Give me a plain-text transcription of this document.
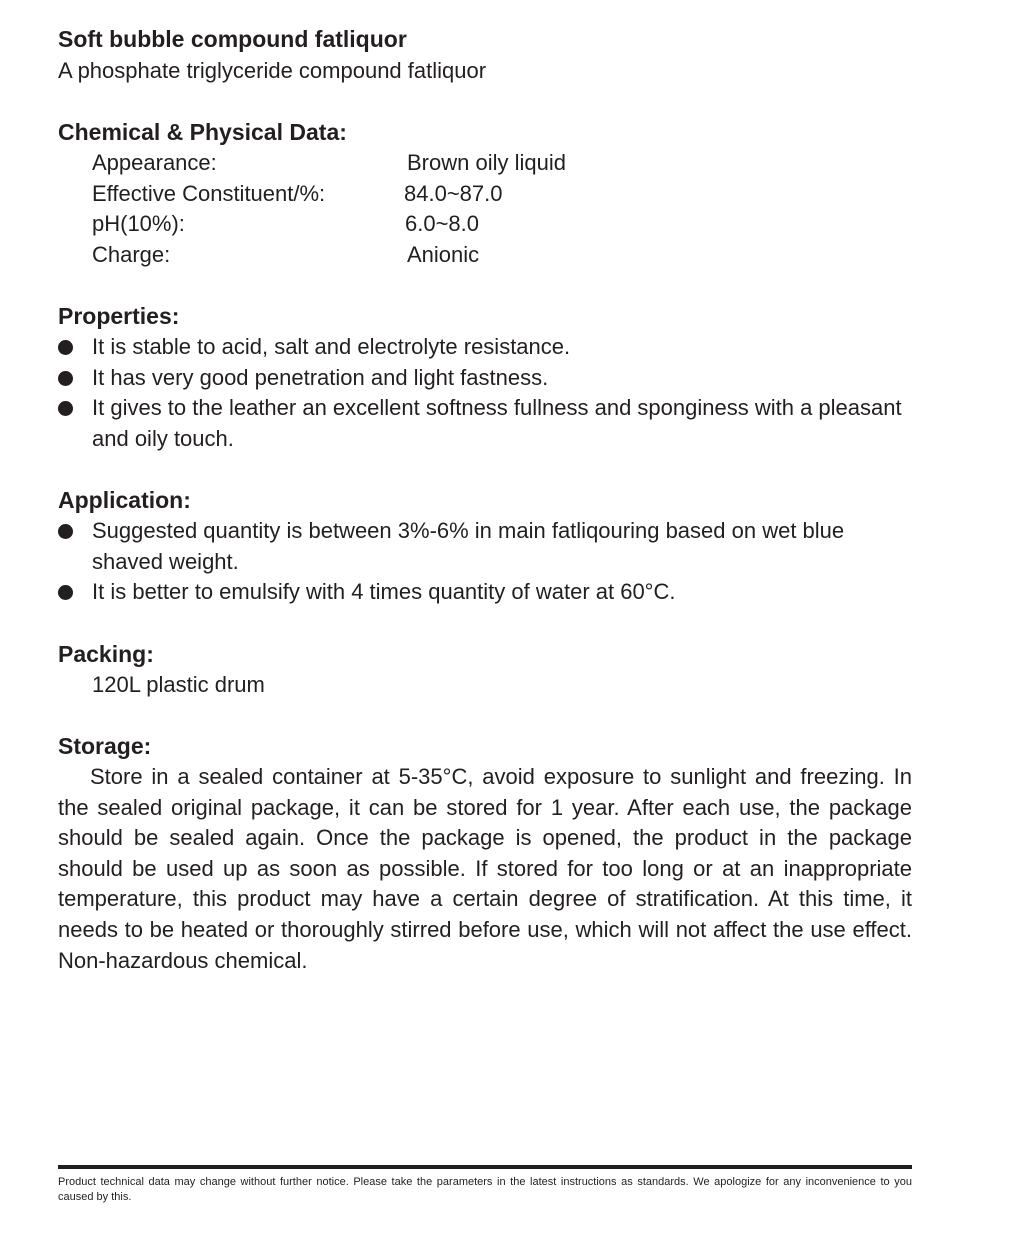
Soft bubble compound fatliquor

A phosphate triglyceride compound fatliquor

Chemical & Physical Data:
Appearance:	Brown oily liquid
Effective Constituent/%:	84.0~87.0
pH(10%):	6.0~8.0
Charge:	Anionic
Properties:
It is stable to acid, salt and electrolyte resistance.
It has very good penetration and light fastness.
It gives to the leather an excellent softness fullness and sponginess with a pleasant and oily touch.
Application:
Suggested quantity is between 3%-6% in main fatliqouring based on wet blue shaved weight.
It is better to emulsify with 4 times quantity of water at 60°C.
Packing:
120L plastic drum
Storage:

Store in a sealed container at 5-35°C, avoid exposure to sunlight and freezing. In the sealed original package, it can be stored for 1 year. After each use, the package should be sealed again. Once the package is opened, the product in the package should be used up as soon as possible. If stored for too long or at an inappropriate temperature, this product may have a certain degree of stratification. At this time, it needs to be heated or thoroughly stirred before use, which will not affect the use effect. Non-hazardous chemical.

Product technical data may change without further notice. Please take the parameters in the latest instructions as standards. We apologize for any inconvenience to you caused by this.
